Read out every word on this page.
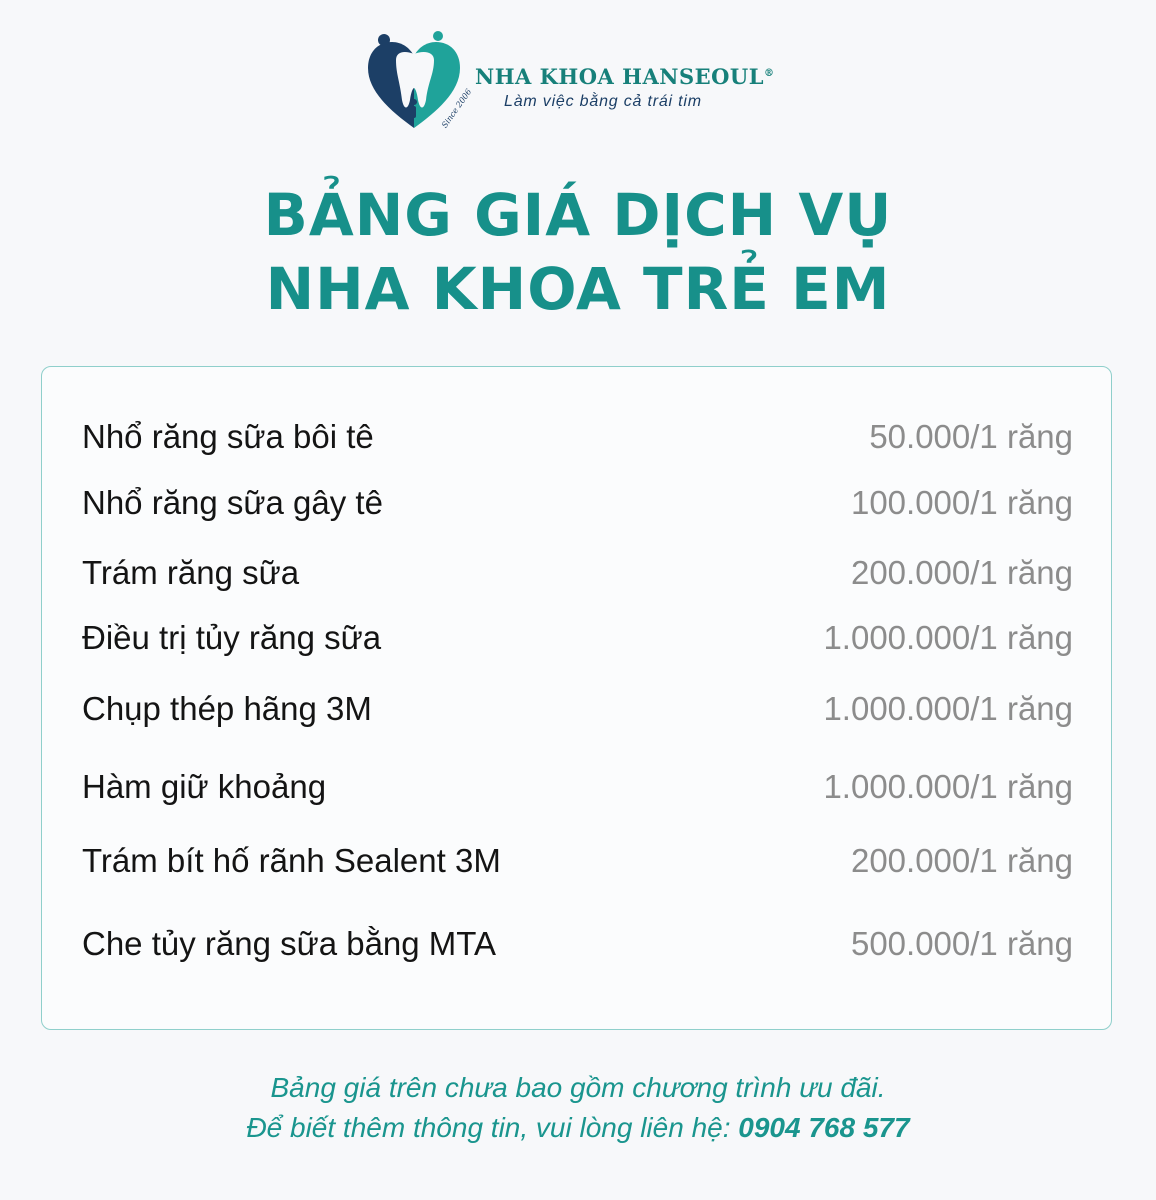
Since 2006
NHA KHOA HANSEOUL®
Làm việc bằng cả trái tim
BẢNG GIÁ DỊCH VỤ
NHA KHOA TRẺ EM
Nhổ răng sữa bôi tê	50.000/1 răng
Nhổ răng sữa gây tê	100.000/1 răng
Trám răng sữa	200.000/1 răng
Điều trị tủy răng sữa	1.000.000/1 răng
Chụp thép hãng 3M	1.000.000/1 răng
Hàm giữ khoảng	1.000.000/1 răng
Trám bít hố rãnh Sealent 3M	200.000/1 răng
Che tủy răng sữa bằng MTA	500.000/1 răng
Bảng giá trên chưa bao gồm chương trình ưu đãi.
Để biết thêm thông tin, vui lòng liên hệ: 0904 768 577
